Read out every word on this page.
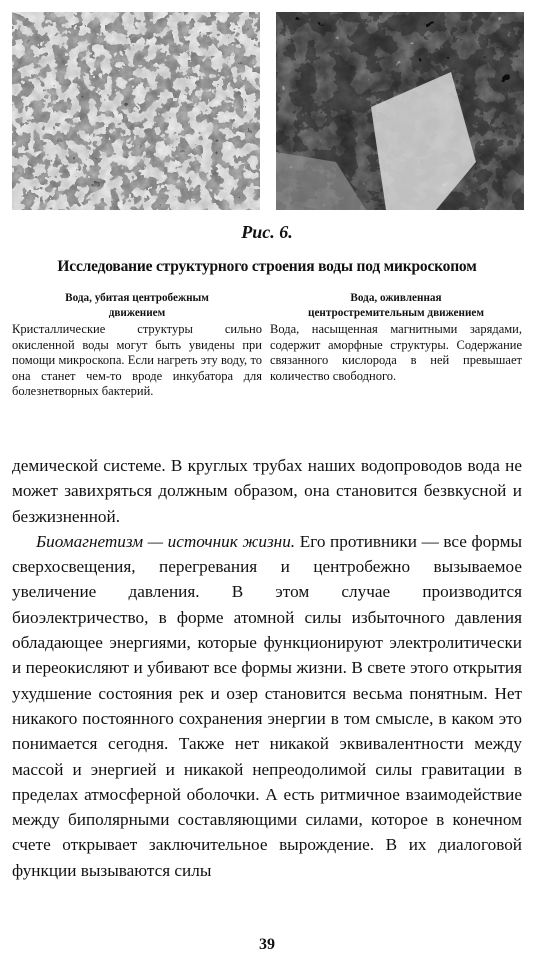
Рис. 6.
Исследование структурного строения воды под микроскопом
Вода, убитая центробежным
движением
Кристаллические структуры сильно окисленной воды могут быть увидены при помощи микроскопа. Если нагреть эту воду, то она станет чем-то вроде инкубатора для болезнетворных бактерий.
Вода, оживленная
центростремительным движением
Вода, насыщенная магнитными зарядами, содержит аморфные структуры. Содержание связанного кислорода в ней превышает количество свободного.

демической системе. В круглых трубах наших водопроводов вода не может завихряться должным образом, она становится безвкусной и безжизненной.

Биомагнетизм — источник жизни. Его противники — все формы сверхосвещения, перегревания и центробежно вызываемое увеличение давления. В этом случае производится биоэлектричество, в форме атомной силы избыточного давления обладающее энергиями, которые функционируют электролитически и переокисляют и убивают все формы жизни. В свете этого открытия ухудшение состояния рек и озер становится весьма понятным. Нет никакого постоянного сохранения энергии в том смысле, в каком это понимается сегодня. Также нет никакой эквивалентности между массой и энергией и никакой непреодолимой силы гравитации в пределах атмосферной оболочки. А есть ритмичное взаимодействие между биполярными составляющими силами, которое в конечном счете открывает заключительное вырождение. В их диалоговой функции вызываются силы

39
